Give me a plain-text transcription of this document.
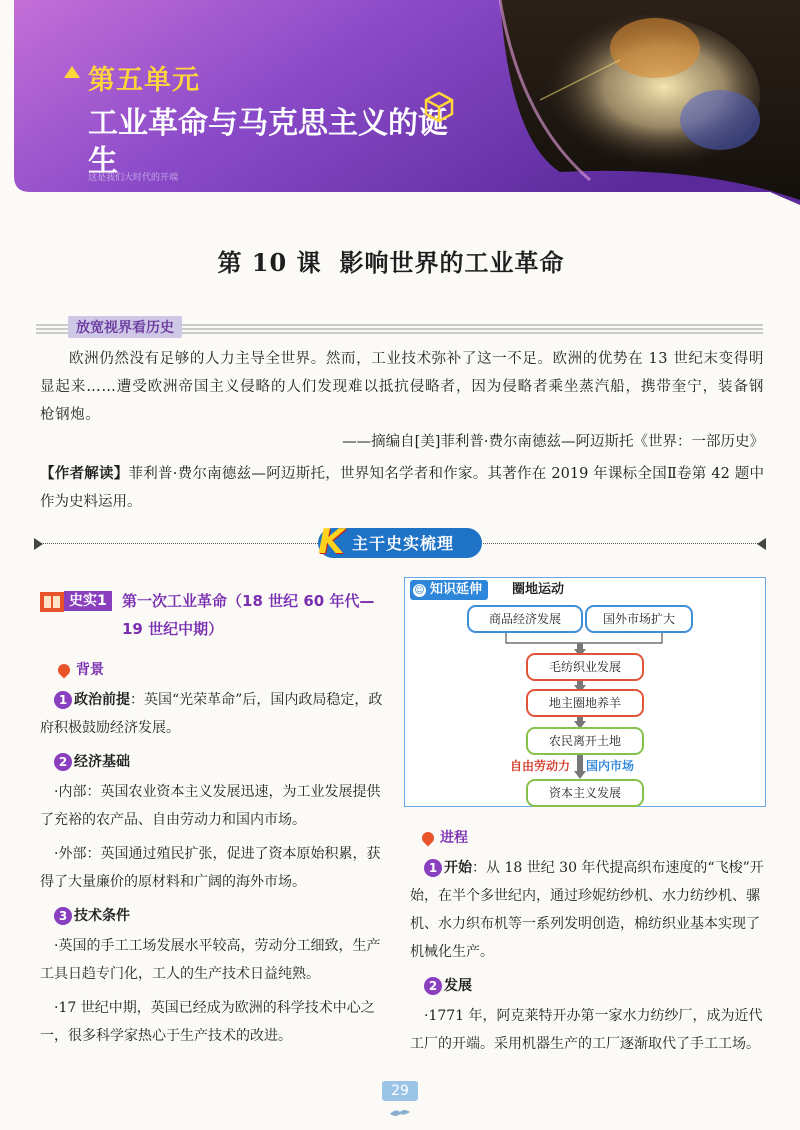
第五单元
工业革命与马克思主义的诞生
这是我们大时代的开端
第 10 课 影响世界的工业革命
放宽视界看历史
欧洲仍然没有足够的人力主导全世界。然而，工业技术弥补了这一不足。欧洲的优势在 13 世纪末变得明显起来……遭受欧洲帝国主义侵略的人们发现难以抵抗侵略者，因为侵略者乘坐蒸汽船，携带奎宁，装备钢枪钢炮。
——摘编自[美]菲利普·费尔南德兹—阿迈斯托《世界：一部历史》
【作者解读】菲利普·费尔南德兹—阿迈斯托，世界知名学者和作家。其著作在 2019 年课标全国Ⅱ卷第 42 题中作为史料运用。
K 主干史实梳理
史实1	第一次工业革命（18 世纪 60 年代—19 世纪中期）
背景
1 政治前提：英国“光荣革命”后，国内政局稳定，政府积极鼓励经济发展。
2 经济基础
·内部：英国农业资本主义发展迅速，为工业发展提供了充裕的农产品、自由劳动力和国内市场。
·外部：英国通过殖民扩张，促进了资本原始积累，获得了大量廉价的原材料和广阔的海外市场。
3 技术条件
·英国的手工工场发展水平较高，劳动分工细致，生产工具日趋专门化，工人的生产技术日益纯熟。
·17 世纪中期，英国已经成为欧洲的科学技术中心之一，很多科学家热心于生产技术的改进。
☺ 知识延伸	圈地运动
商品经济发展	国外市场扩大
毛纺织业发展
地主圈地养羊
农民离开土地
自由劳动力 国内市场
资本主义发展
进程
1 开始：从 18 世纪 30 年代提高织布速度的“飞梭”开始，在半个多世纪内，通过珍妮纺纱机、水力纺纱机、骡机、水力织布机等一系列发明创造，棉纺织业基本实现了机械化生产。
2 发展
·1771 年，阿克莱特开办第一家水力纺纱厂，成为近代工厂的开端。采用机器生产的工厂逐渐取代了手工工场。
29
